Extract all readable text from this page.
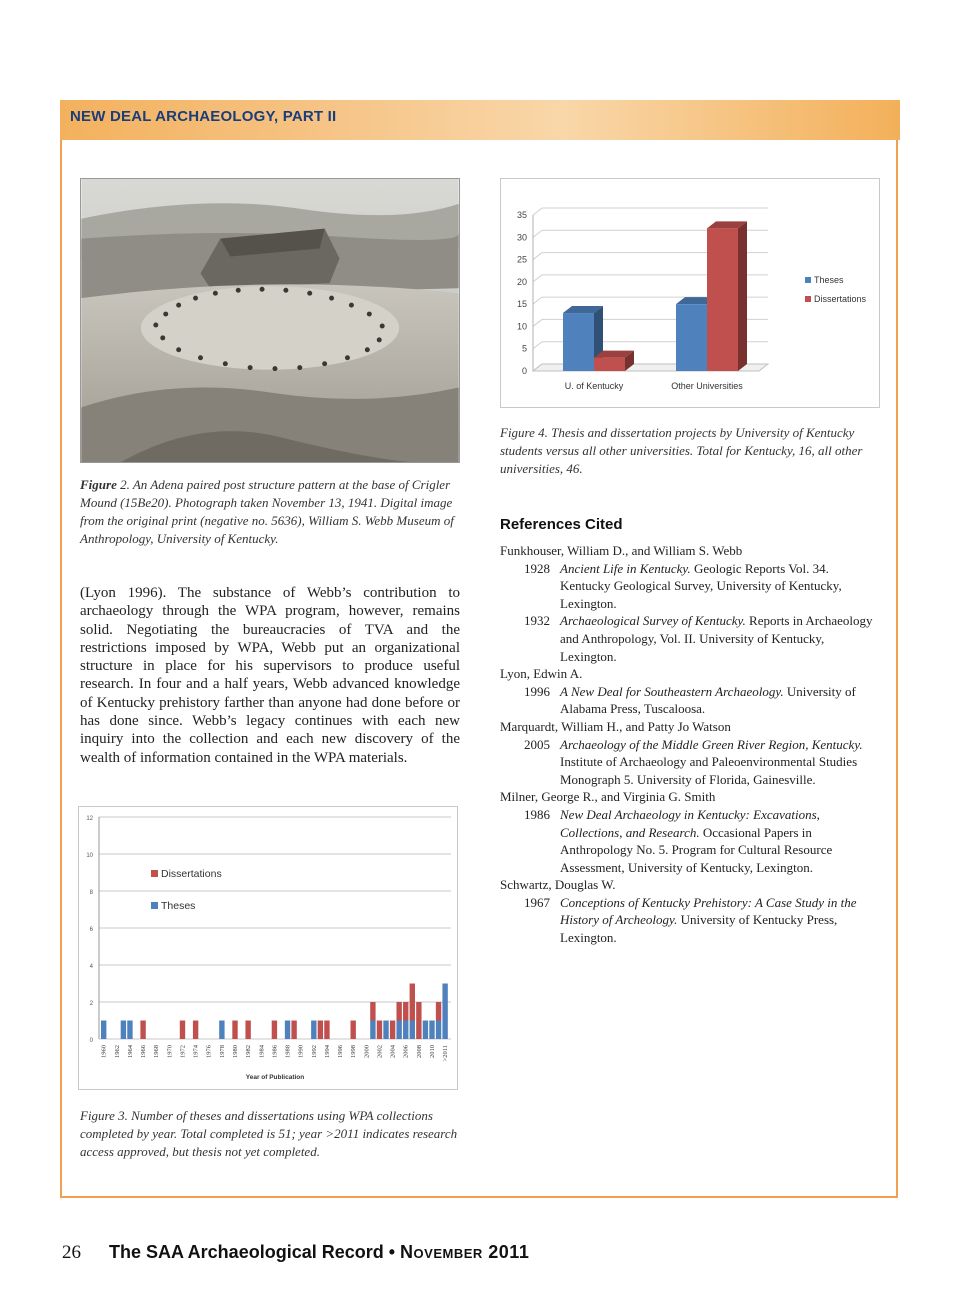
NEW DEAL ARCHAEOLOGY, PART II
Figure 2. An Adena paired post structure pattern at the base of Crigler Mound (15Be20). Photograph taken November 13, 1941. Digital image from the original print (negative no. 5636), William S. Webb Museum of Anthropology, University of Kentucky.

(Lyon 1996). The substance of Webb’s contribution to archaeology through the WPA program, however, remains solid. Negotiating the bureaucracies of TVA and the restrictions imposed by WPA, Webb put an organizational structure in place for his supervisors to produce useful research. In four and a half years, Webb advanced knowledge of Kentucky prehistory farther than anyone had done before or has done since. Webb’s legacy continues with each new inquiry into the collection and each new discovery of the wealth of information contained in the WPA materials.

0
5
10
15
20
25
30
35
U. of Kentucky	Other Universities
Theses
Dissertations
Figure 4. Thesis and dissertation projects by University of Kentucky students versus all other universities. Total for Kentucky, 16, all other universities, 46.
0
2
4
6
8
10
12
1960 1962 1964 1966 1968 1970 1972 1974 1976 1978 1980 1982 1984 1986 1988 1990 1992 1994 1996 1998 2000 2002 2004 2006 2008 2010 >2011
Year of Publication
Dissertations
Theses
Figure 3. Number of theses and dissertations using WPA collections completed by year. Total completed is 51; year >2011 indicates research access approved, but thesis not yet completed.
References Cited

Funkhouser, William D., and William S. Webb

1928 Ancient Life in Kentucky. Geologic Reports Vol. 34. Kentucky Geological Survey, University of Kentucky, Lexington.
1932 Archaeological Survey of Kentucky. Reports in Archaeology and Anthropology, Vol. II. University of Kentucky, Lexington.

Lyon, Edwin A.

1996 A New Deal for Southeastern Archaeology. University of Alabama Press, Tuscaloosa.

Marquardt, William H., and Patty Jo Watson

2005 Archaeology of the Middle Green River Region, Kentucky. Institute of Archaeology and Paleoenvironmental Studies Monograph 5. University of Florida, Gainesville.

Milner, George R., and Virginia G. Smith

1986 New Deal Archaeology in Kentucky: Excavations, Collections, and Research. Occasional Papers in Anthropology No. 5. Program for Cultural Resource Assessment, University of Kentucky, Lexington.

Schwartz, Douglas W.

1967 Conceptions of Kentucky Prehistory: A Case Study in the History of Archeology. University of Kentucky Press, Lexington.
26 The SAA Archaeological Record • November 2011
